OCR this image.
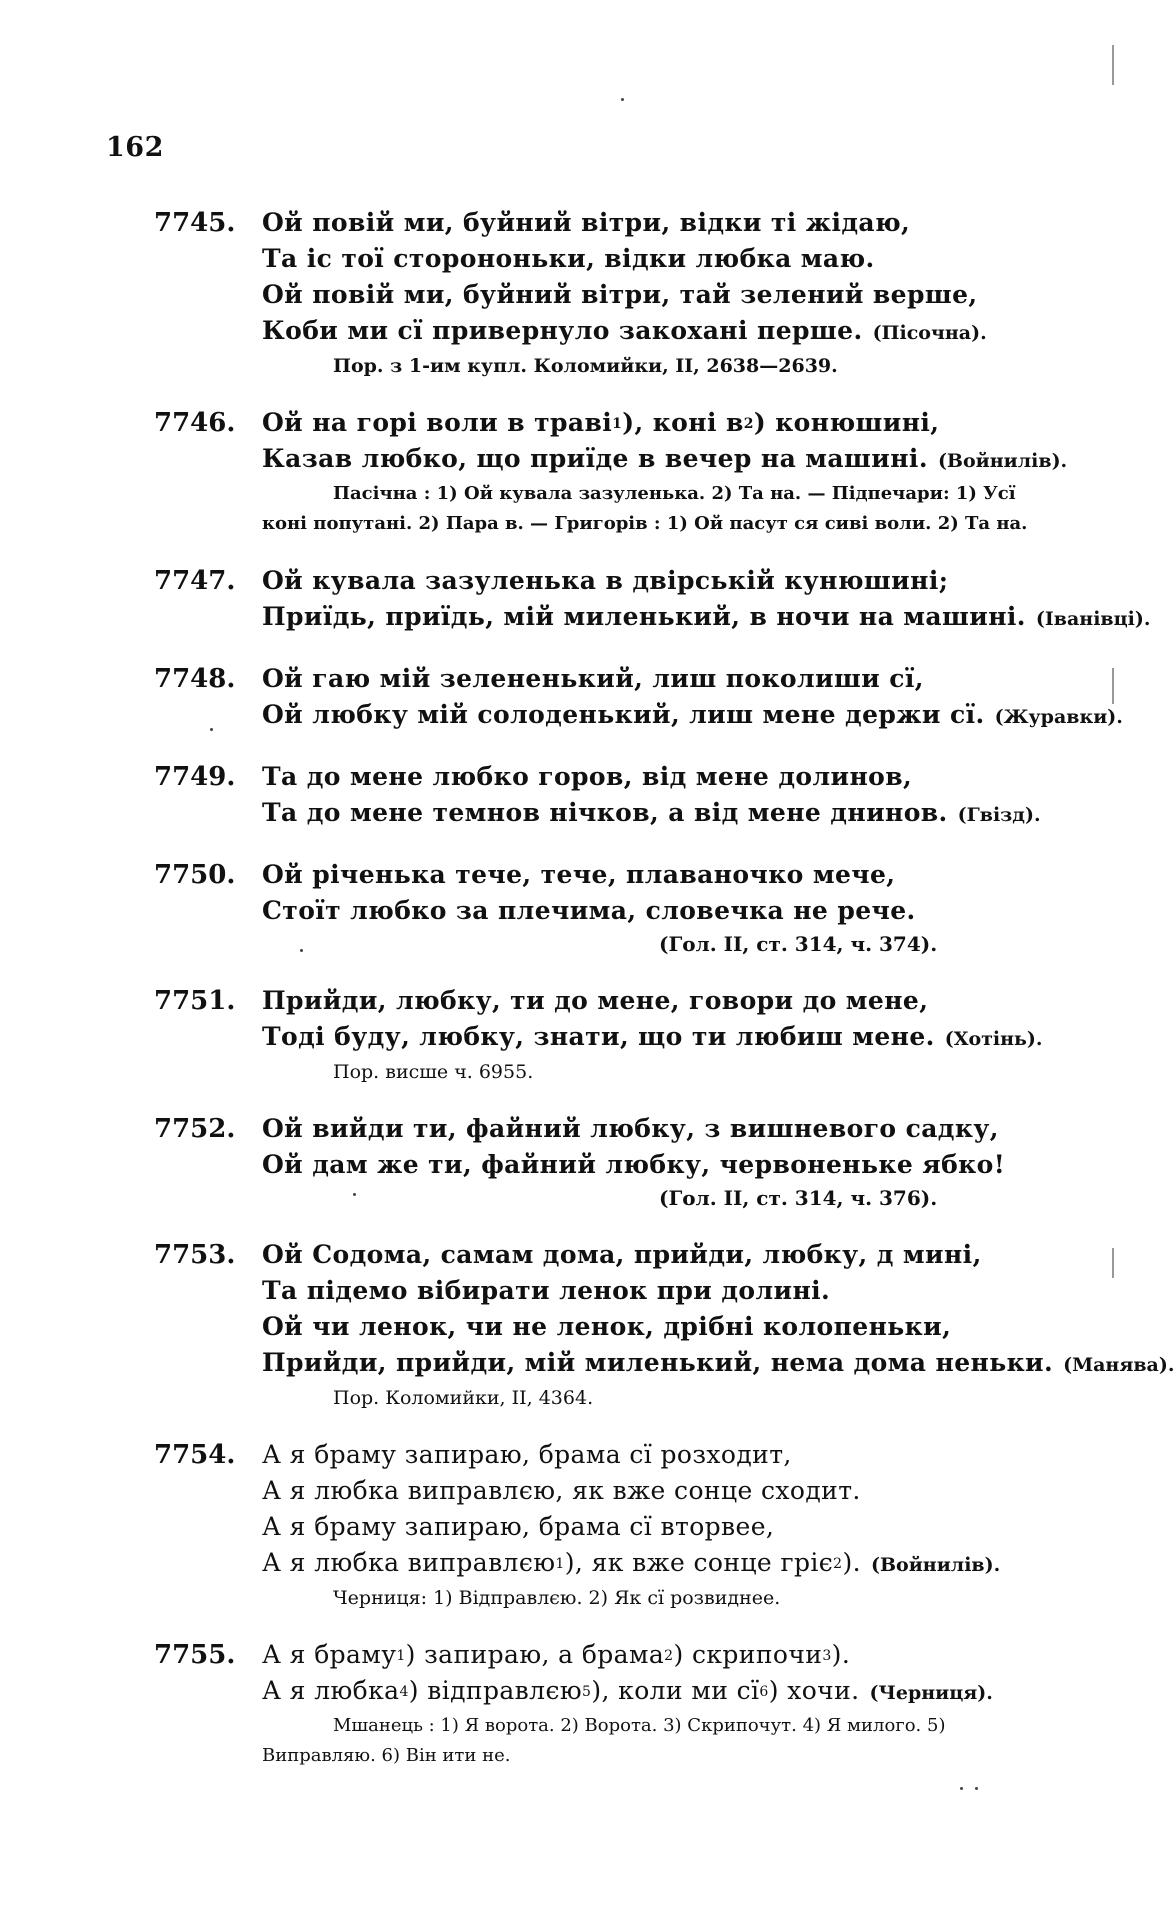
162
7745. Ой повій ми, буйний вітри, відки ті жідаю,
Та іс тої сторононьки, відки любка маю.
Ой повій ми, буйний вітри, тай зелений верше,
Коби ми сї привернуло закохані перше. (Пісочна).
Пор. з 1-им купл. Коломийки, II, 2638—2639.
7746. Ой на горі воли в траві$^1$), коні $в^2$) конюшині,
Казав любко, що приїде в вечер на машині. (Войнилів).
Пасічна : 1) Ой кувала зазуленька. 2) Та на. — Підпечари: 1) Усї коні попутані. 2) Пара в. — Григорів : 1) Ой пасут ся сиві воли. 2) Та на.
7747. Ой кувала зазуленька в двірській кунюшині;
Приїдь, приїдь, мій миленький, в ночи на машині. (Іванівці).
7748. Ой гаю мій зелененький, лиш поколиши сї,
Ой любку мій солоденький, лиш мене держи сї. (Журавки).
7749. Та до мене любко горов, від мене долинов,
Та до мене темнов нічков, а від мене днинов. (Гвізд).
7750. Ой річенька тече, тече, плаваночко мече,
Стоїт любко за плечима, словечка не рече.
(Гол. II, ст. 314, ч. 374).
7751. Прийди, любку, ти до мене, говори до мене,
Тоді буду, любку, знати, що ти любиш мене. (Хотінь).
Пор. висше ч. 6955.
7752. Ой вийди ти, файний любку, з вишневого садку,
Ой дам же ти, файний любку, червоненьке ябко!
(Гол. II, ст. 314, ч. 376).
7753. Ой Содома, самам дома, прийди, любку, д мині,
Та підемо вібирати ленок при долині.
Ой чи ленок, чи не ленок, дрібні колопеньки,
Прийди, прийди, мій миленький, нема дома неньки. (Манява).
Пор. Коломийки, II, 4364.
7754. А я браму запираю, брама сї розходит,
А я любка виправлєю, як вже сонце сходит.
А я браму запираю, брама сї вторвее,
А я любка виправлєю$^1$), як вже сонце гріє$^2$). (Войнилів).
Черниця: 1) Відправлєю. 2) Як сї розвиднее.
7755. А я браму$^1$) запираю, а брама$^2$) скрипочи$^3$).
А я любка$^4$) відправлєю$^5$), коли ми $сї^6$) хочи. (Черниця).
Мшанець : 1) Я ворота. 2) Ворота. 3) Скрипочут. 4) Я милого. 5) Виправляю. 6) Він ити не.
